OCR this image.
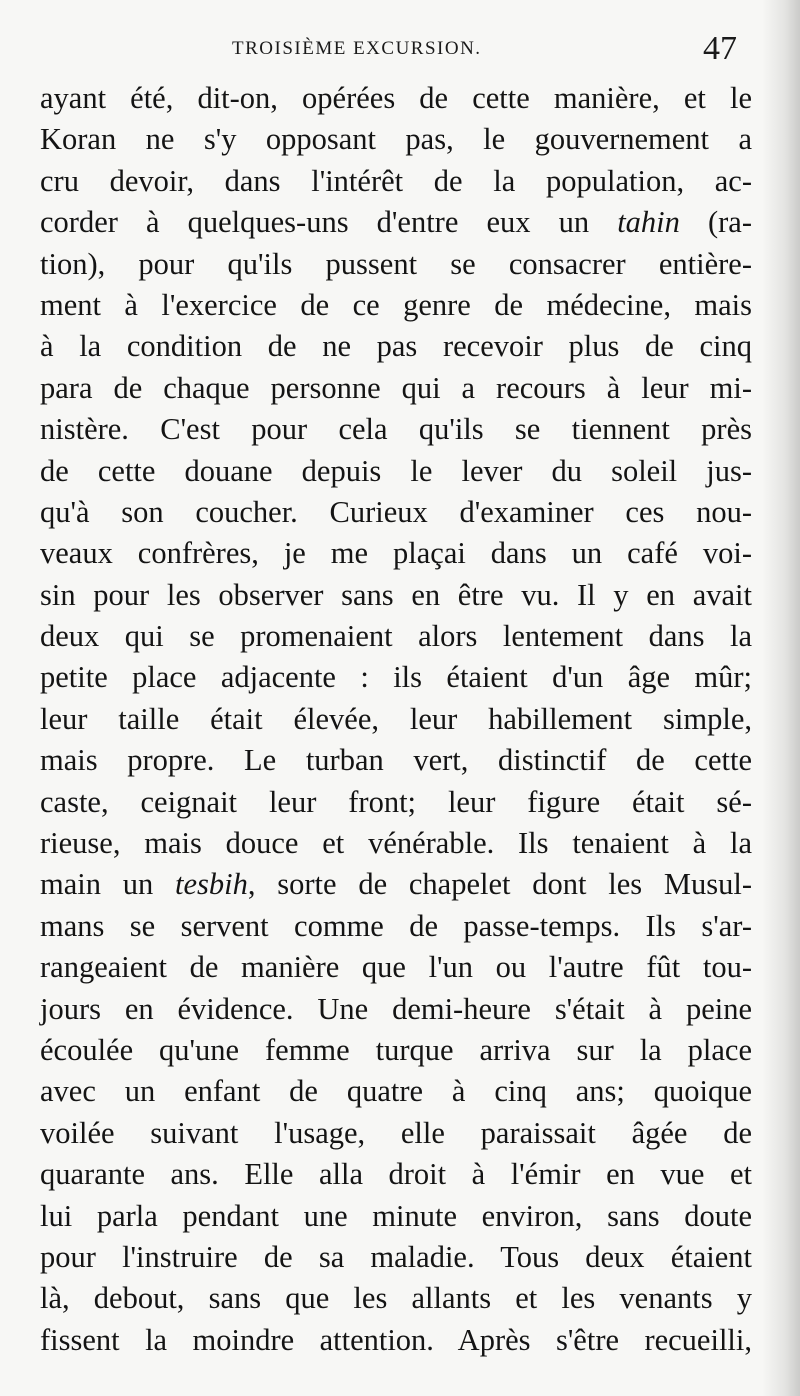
TROISIÈME EXCURSION.	47
ayant été, dit-on, opérées de cette manière, et le
Koran ne s'y opposant pas, le gouvernement a
cru devoir, dans l'intérêt de la population, ac-
corder à quelques-uns d'entre eux un tahin (ra-
tion), pour qu'ils pussent se consacrer entière-
ment à l'exercice de ce genre de médecine, mais
à la condition de ne pas recevoir plus de cinq
para de chaque personne qui a recours à leur mi-
nistère. C'est pour cela qu'ils se tiennent près
de cette douane depuis le lever du soleil jus-
qu'à son coucher. Curieux d'examiner ces nou-
veaux confrères, je me plaçai dans un café voi-
sin pour les observer sans en être vu. Il y en avait
deux qui se promenaient alors lentement dans la
petite place adjacente : ils étaient d'un âge mûr;
leur taille était élevée, leur habillement simple,
mais propre. Le turban vert, distinctif de cette
caste, ceignait leur front; leur figure était sé-
rieuse, mais douce et vénérable. Ils tenaient à la
main un tesbih, sorte de chapelet dont les Musul-
mans se servent comme de passe-temps. Ils s'ar-
rangeaient de manière que l'un ou l'autre fût tou-
jours en évidence. Une demi-heure s'était à peine
écoulée qu'une femme turque arriva sur la place
avec un enfant de quatre à cinq ans; quoique
voilée suivant l'usage, elle paraissait âgée de
quarante ans. Elle alla droit à l'émir en vue et
lui parla pendant une minute environ, sans doute
pour l'instruire de sa maladie. Tous deux étaient
là, debout, sans que les allants et les venants y
fissent la moindre attention. Après s'être recueilli,
